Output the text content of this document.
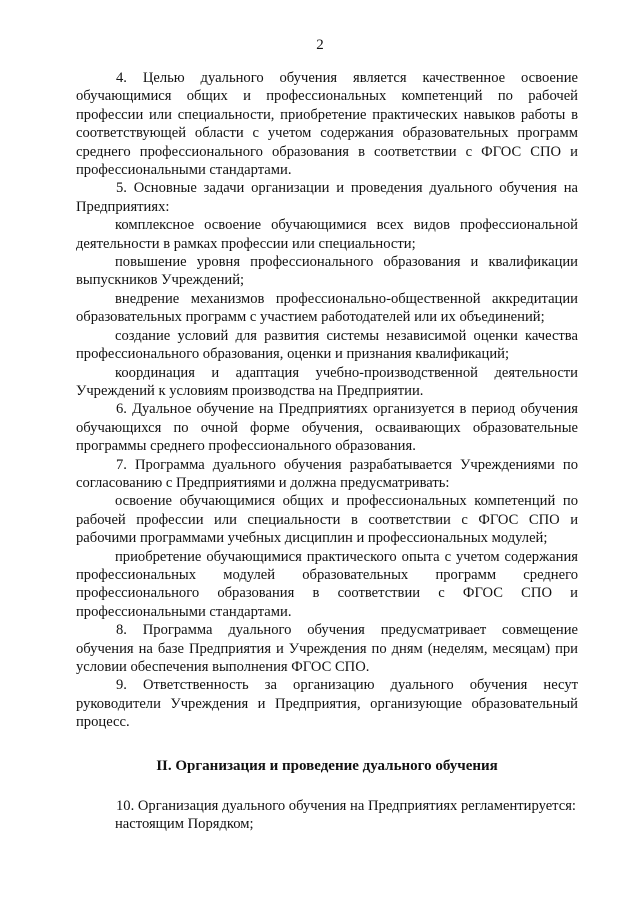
2

4. Целью дуального обучения является качественное освоение обучающимися общих и профессиональных компетенций по рабочей профессии или специальности, приобретение практических навыков работы в соответствующей области с учетом содержания образовательных программ среднего профессионального образования в соответствии с ФГОС СПО и профессиональными стандартами.

5. Основные задачи организации и проведения дуального обучения на Предприятиях:

комплексное освоение обучающимися всех видов профессиональной деятельности в рамках профессии или специальности;

повышение уровня профессионального образования и квалификации выпускников Учреждений;

внедрение механизмов профессионально-общественной аккредитации образовательных программ с участием работодателей или их объединений;

создание условий для развития системы независимой оценки качества профессионального образования, оценки и признания квалификаций;

координация и адаптация учебно-производственной деятельности Учреждений к условиям производства на Предприятии.

6. Дуальное обучение на Предприятиях организуется в период обучения обучающихся по очной форме обучения, осваивающих образовательные программы среднего профессионального образования.

7. Программа дуального обучения разрабатывается Учреждениями по согласованию с Предприятиями и должна предусматривать:

освоение обучающимися общих и профессиональных компетенций по рабочей профессии или специальности в соответствии с ФГОС СПО и рабочими программами учебных дисциплин и профессиональных модулей;

приобретение обучающимися практического опыта с учетом содержания профессиональных модулей образовательных программ среднего профессионального образования в соответствии с ФГОС СПО и профессиональными стандартами.

8. Программа дуального обучения предусматривает совмещение обучения на базе Предприятия и Учреждения по дням (неделям, месяцам) при условии обеспечения выполнения ФГОС СПО.

9. Ответственность за организацию дуального обучения несут руководители Учреждения и Предприятия, организующие образовательный процесс.

II. Организация и проведение дуального обучения

10. Организация дуального обучения на Предприятиях регламентируется:

настоящим Порядком;
